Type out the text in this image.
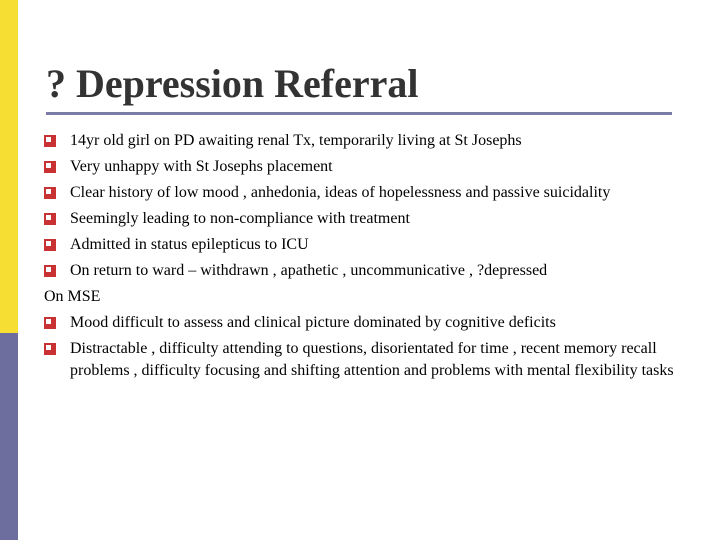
? Depression Referral
14yr old girl on PD awaiting renal Tx, temporarily living at St Josephs
Very unhappy with St Josephs placement
Clear history of low mood , anhedonia, ideas of hopelessness and passive suicidality
Seemingly leading to non-compliance with treatment
Admitted in status epilepticus to ICU
On return to ward – withdrawn , apathetic , uncommunicative , ?depressed
On MSE
Mood difficult to assess and clinical picture dominated by cognitive deficits
Distractable , difficulty attending to questions, disorientated for time , recent memory recall problems , difficulty focusing and shifting attention and problems with mental flexibility tasks
